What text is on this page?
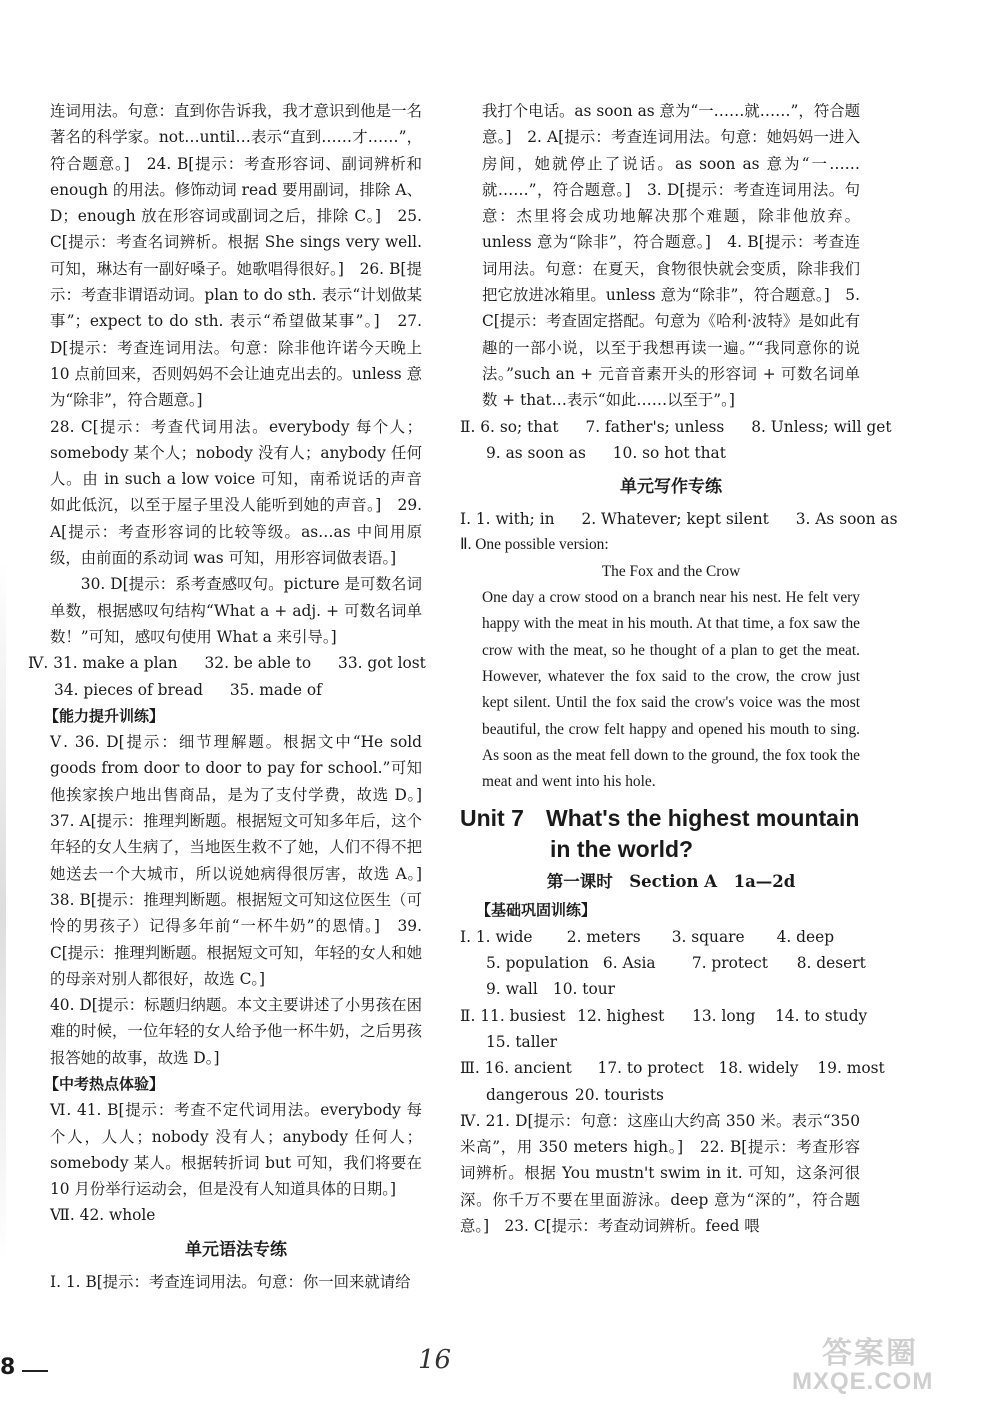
连词用法。句意：直到你告诉我，我才意识到他是一名著名的科学家。not…until…表示“直到……才……”，符合题意。]　24. B[提示：考查形容词、副词辨析和 enough 的用法。修饰动词 read 要用副词，排除 A、D；enough 放在形容词或副词之后，排除 C。]　25. C[提示：考查名词辨析。根据 She sings very well. 可知，琳达有一副好嗓子。她歌唱得很好。]　26. B[提示：考查非谓语动词。plan to do sth. 表示“计划做某事”；expect to do sth. 表示“希望做某事”。]　27. D[提示：考查连词用法。句意：除非他许诺今天晚上 10 点前回来，否则妈妈不会让迪克出去的。unless 意为“除非”，符合题意。]

28. C[提示：考查代词用法。everybody 每个人；somebody 某个人；nobody 没有人；anybody 任何人。由 in such a low voice 可知，南希说话的声音如此低沉，以至于屋子里没人能听到她的声音。]　29. A[提示：考查形容词的比较等级。as…as 中间用原级，由前面的系动词 was 可知，用形容词做表语。]

30. D[提示：系考查感叹句。picture 是可数名词单数，根据感叹句结构“What a + adj. + 可数名词单数！”可知，感叹句使用 What a 来引导。]

Ⅳ. 31. make a plan 32. be able to 33. got lost
34. pieces of bread 35. made of

【能力提升训练】

Ⅴ. 36. D[提示：细节理解题。根据文中“He sold goods from door to door to pay for school.”可知他挨家挨户地出售商品，是为了支付学费，故选 D。]　37. A[提示：推理判断题。根据短文可知多年后，这个年轻的女人生病了，当地医生救不了她，人们不得不把她送去一个大城市，所以说她病得很厉害，故选 A。]　38. B[提示：推理判断题。根据短文可知这位医生（可怜的男孩子）记得多年前“一杯牛奶”的恩情。]　39. C[提示：推理判断题。根据短文可知，年轻的女人和她的母亲对别人都很好，故选 C。]

40. D[提示：标题归纳题。本文主要讲述了小男孩在困难的时候，一位年轻的女人给予他一杯牛奶，之后男孩报答她的故事，故选 D。]

【中考热点体验】

Ⅵ. 41. B[提示：考查不定代词用法。everybody 每个人，人人；nobody 没有人；anybody 任何人；somebody 某人。根据转折词 but 可知，我们将要在 10 月份举行运动会，但是没有人知道具体的日期。]

Ⅶ. 42. whole

单元语法专练

Ⅰ. 1. B[提示：考查连词用法。句意：你一回来就请给

我打个电话。as soon as 意为“一……就……”，符合题意。]　2. A[提示：考查连词用法。句意：她妈妈一进入房间，她就停止了说话。as soon as 意为“一……就……”，符合题意。]　3. D[提示：考查连词用法。句意：杰里将会成功地解决那个难题，除非他放弃。unless 意为“除非”，符合题意。]　4. B[提示：考查连词用法。句意：在夏天，食物很快就会变质，除非我们把它放进冰箱里。unless 意为“除非”，符合题意。]　5. C[提示：考查固定搭配。句意为《哈利·波特》是如此有趣的一部小说，以至于我想再读一遍。”“我同意你的说法。”such an + 元音音素开头的形容词 + 可数名词单数 + that…表示“如此……以至于”。]

Ⅱ. 6. so; that 7. father's; unless 8. Unless; will get
9. as soon as 10. so hot that

单元写作专练

Ⅰ. 1. with; in 2. Whatever; kept silent 3. As soon as

Ⅱ. One possible version:

The Fox and the Crow

One day a crow stood on a branch near his nest. He felt very happy with the meat in his mouth. At that time, a fox saw the crow with the meat, so he thought of a plan to get the meat. However, whatever the fox said to the crow, the crow just kept silent. Until the fox said the crow's voice was the most beautiful, the crow felt happy and opened his mouth to sing. As soon as the meat fell down to the ground, the fox took the meat and went into his hole.

Unit 7 What's the highest mountain
in the world?

第一课时　Section A　1a—2d

【基础巩固训练】

Ⅰ. 1. wide 2. meters 3. square 4. deep
5. population 6. Asia 7. protect 8. desert
9. wall 10. tour
Ⅱ. 11. busiest 12. highest 13. long 14. to study
15. taller
Ⅲ. 16. ancient 17. to protect 18. widely 19. most
dangerous 20. tourists

Ⅳ. 21. D[提示：句意：这座山大约高 350 米。表示“350 米高”，用 350 meters high。]　22. B[提示：考查形容词辨析。根据 You mustn't swim in it. 可知，这条河很深。你千万不要在里面游泳。deep 意为“深的”，符合题意。]　23. C[提示：考查动词辨析。feed 喂

8	16	答案圈
MXQE.COM
